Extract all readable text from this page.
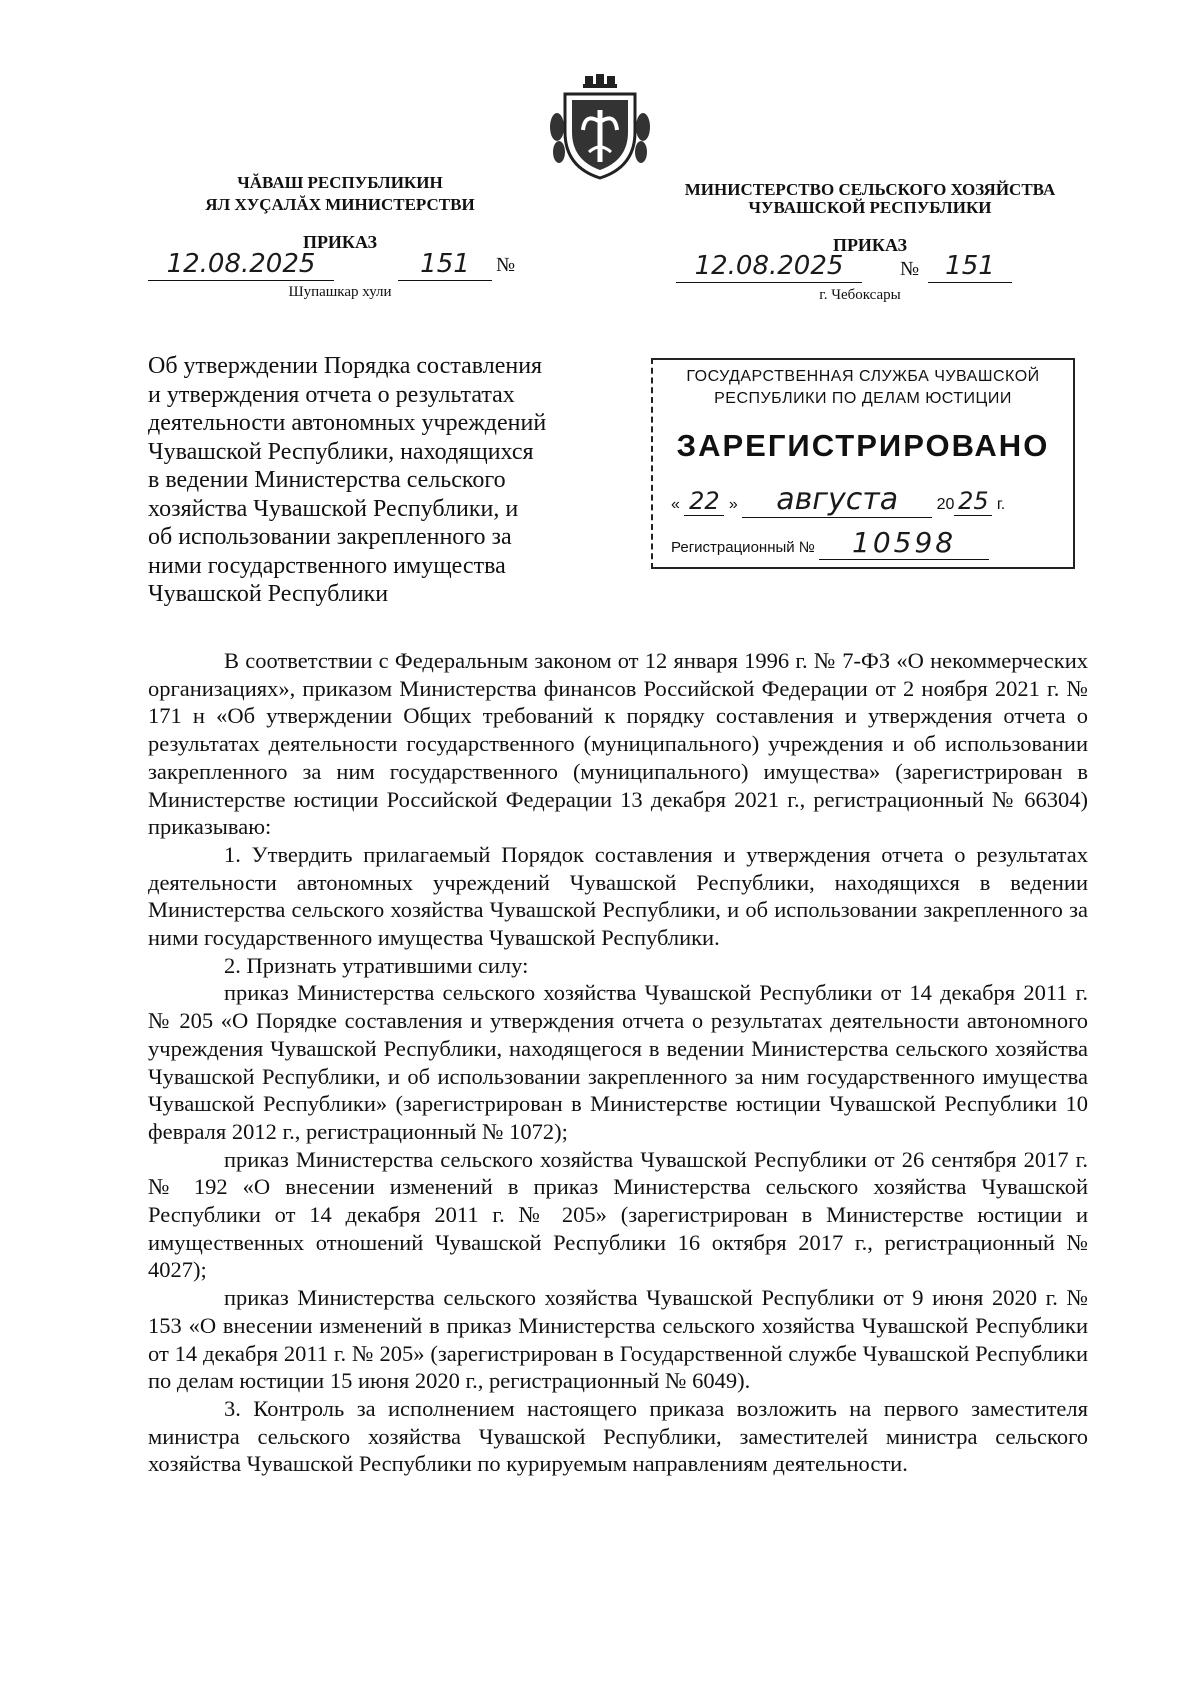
ЧĂВАШ РЕСПУБЛИКИН
ЯЛ ХУÇАЛĂХ МИНИСТЕРСТВИ
ПРИКАЗ
12.08.2025	151	№
Шупашкар хули
МИНИСТЕРСТВО СЕЛЬСКОГО ХОЗЯЙСТВА
ЧУВАШСКОЙ РЕСПУБЛИКИ
ПРИКАЗ
12.08.2025	№	151
г. Чебоксары
Об утверждении Порядка составления
и утверждения отчета о результатах
деятельности автономных учреждений
Чувашской Республики, находящихся
в ведении Министерства сельского
хозяйства Чувашской Республики, и
об использовании закрепленного за
ними государственного имущества
Чувашской Республики
ГОСУДАРСТВЕННАЯ СЛУЖБА ЧУВАШСКОЙ
РЕСПУБЛИКИ ПО ДЕЛАМ ЮСТИЦИИ
ЗАРЕГИСТРИРОВАНО
« 22 » августа 20 25 г.
Регистрационный № 10598

В соответствии с Федеральным законом от 12 января 1996 г. № 7-ФЗ «О некоммерческих организациях», приказом Министерства финансов Российской Федерации от 2 ноября 2021 г. № 171 н «Об утверждении Общих требований к порядку составления и утверждения отчета о результатах деятельности государственного (муниципального) учреждения и об использовании закрепленного за ним государственного (муниципального) имущества» (зарегистрирован в Министерстве юстиции Российской Федерации 13 декабря 2021 г., регистрационный № 66304) приказываю:

1. Утвердить прилагаемый Порядок составления и утверждения отчета о результатах деятельности автономных учреждений Чувашской Республики, находящихся в ведении Министерства сельского хозяйства Чувашской Республики, и об использовании закрепленного за ними государственного имущества Чувашской Республики.

2. Признать утратившими силу:

приказ Министерства сельского хозяйства Чувашской Республики от 14 декабря 2011 г. № 205 «О Порядке составления и утверждения отчета о результатах деятельности автономного учреждения Чувашской Республики, находящегося в ведении Министерства сельского хозяйства Чувашской Республики, и об использовании закрепленного за ним государственного имущества Чувашской Республики» (зарегистрирован в Министерстве юстиции Чувашской Республики 10 февраля 2012 г., регистрационный № 1072);

приказ Министерства сельского хозяйства Чувашской Республики от 26 сентября 2017 г. № 192 «О внесении изменений в приказ Министерства сельского хозяйства Чувашской Республики от 14 декабря 2011 г. № 205» (зарегистрирован в Министерстве юстиции и имущественных отношений Чувашской Республики 16 октября 2017 г., регистрационный № 4027);

приказ Министерства сельского хозяйства Чувашской Республики от 9 июня 2020 г. № 153 «О внесении изменений в приказ Министерства сельского хозяйства Чувашской Республики от 14 декабря 2011 г. № 205» (зарегистрирован в Государственной службе Чувашской Республики по делам юстиции 15 июня 2020 г., регистрационный № 6049).

3. Контроль за исполнением настоящего приказа возложить на первого заместителя министра сельского хозяйства Чувашской Республики, заместителей министра сельского хозяйства Чувашской Республики по курируемым направлениям деятельности.
